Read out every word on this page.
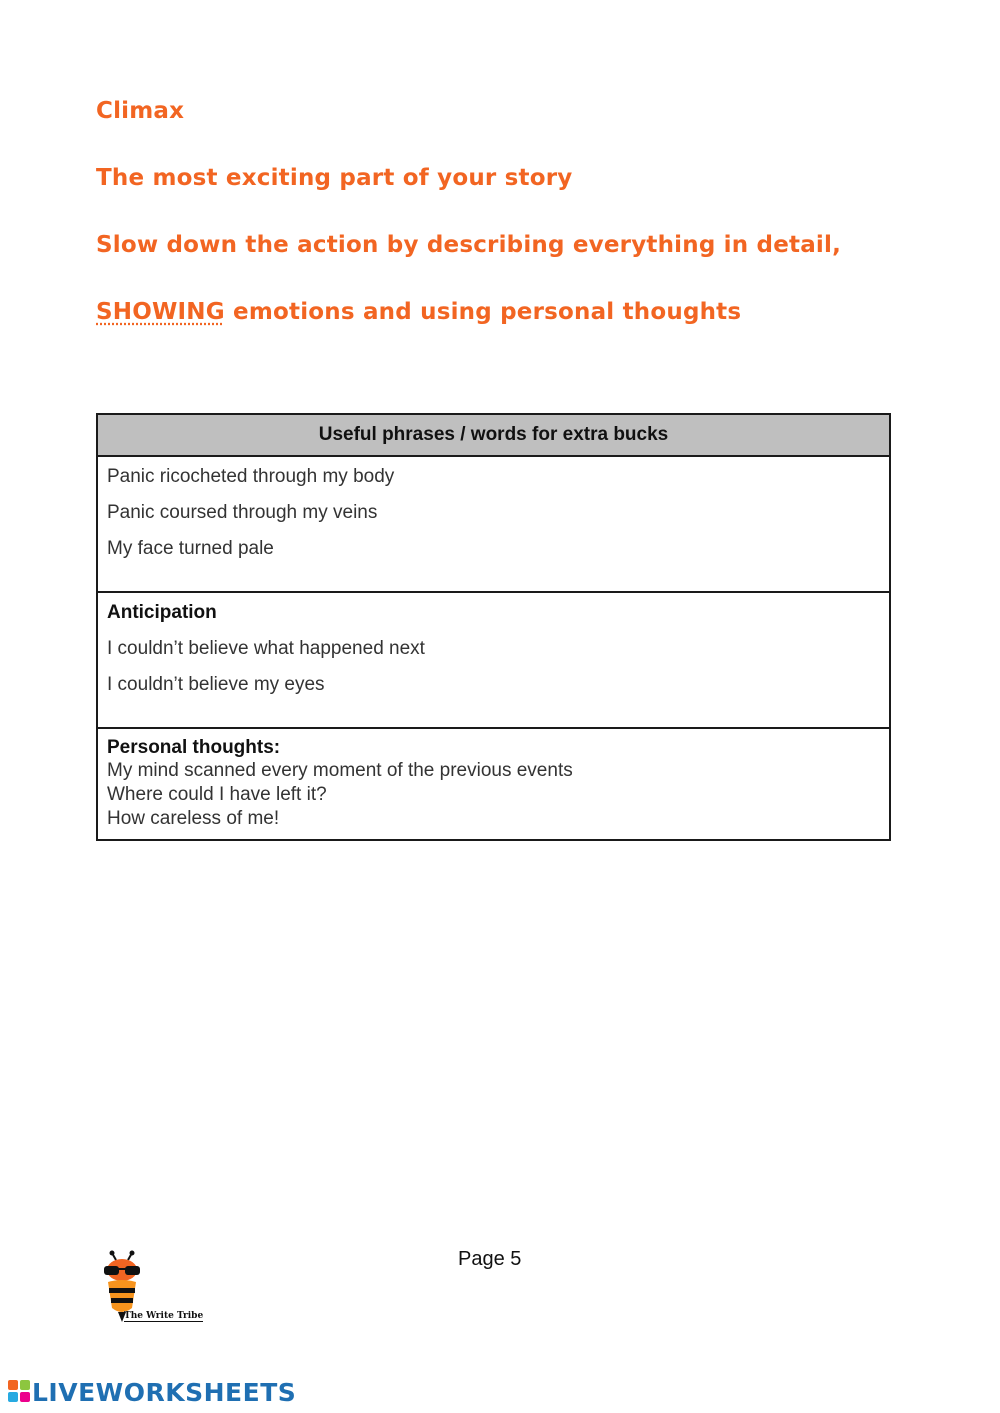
Climax
The most exciting part of your story
Slow down the action by describing everything in detail,
SHOWING emotions and using personal thoughts
Useful phrases / words for extra bucks

Panic ricocheted through my body
Panic coursed through my veins
My face turned pale

Anticipation
I couldn’t believe what happened next
I couldn’t believe my eyes

Personal thoughts:
My mind scanned every moment of the previous events
Where could I have left it?
How careless of me!
Page 5
The Write Tribe
LIVEWORKSHEETS
